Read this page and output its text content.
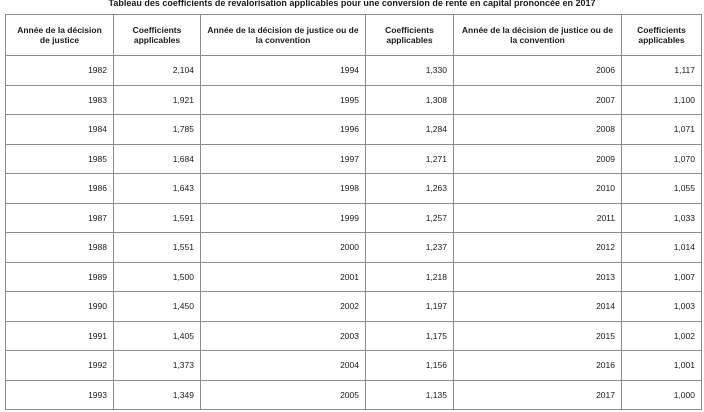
Tableau des coefficients de revalorisation applicables pour une conversion de rente en capital prononcée en 2017
Année de la décision de justice	Coefficients applicables	Année de la décision de justice ou de la convention	Coefficients applicables	Année de la décision de justice ou de la convention	Coefficients applicables
1982	2,104	1994	1,330	2006	1,117
1983	1,921	1995	1,308	2007	1,100
1984	1,785	1996	1,284	2008	1,071
1985	1,684	1997	1,271	2009	1,070
1986	1,643	1998	1,263	2010	1,055
1987	1,591	1999	1,257	2011	1,033
1988	1,551	2000	1,237	2012	1,014
1989	1,500	2001	1,218	2013	1,007
1990	1,450	2002	1,197	2014	1,003
1991	1,405	2003	1,175	2015	1,002
1992	1,373	2004	1,156	2016	1,001
1993	1,349	2005	1,135	2017	1,000
